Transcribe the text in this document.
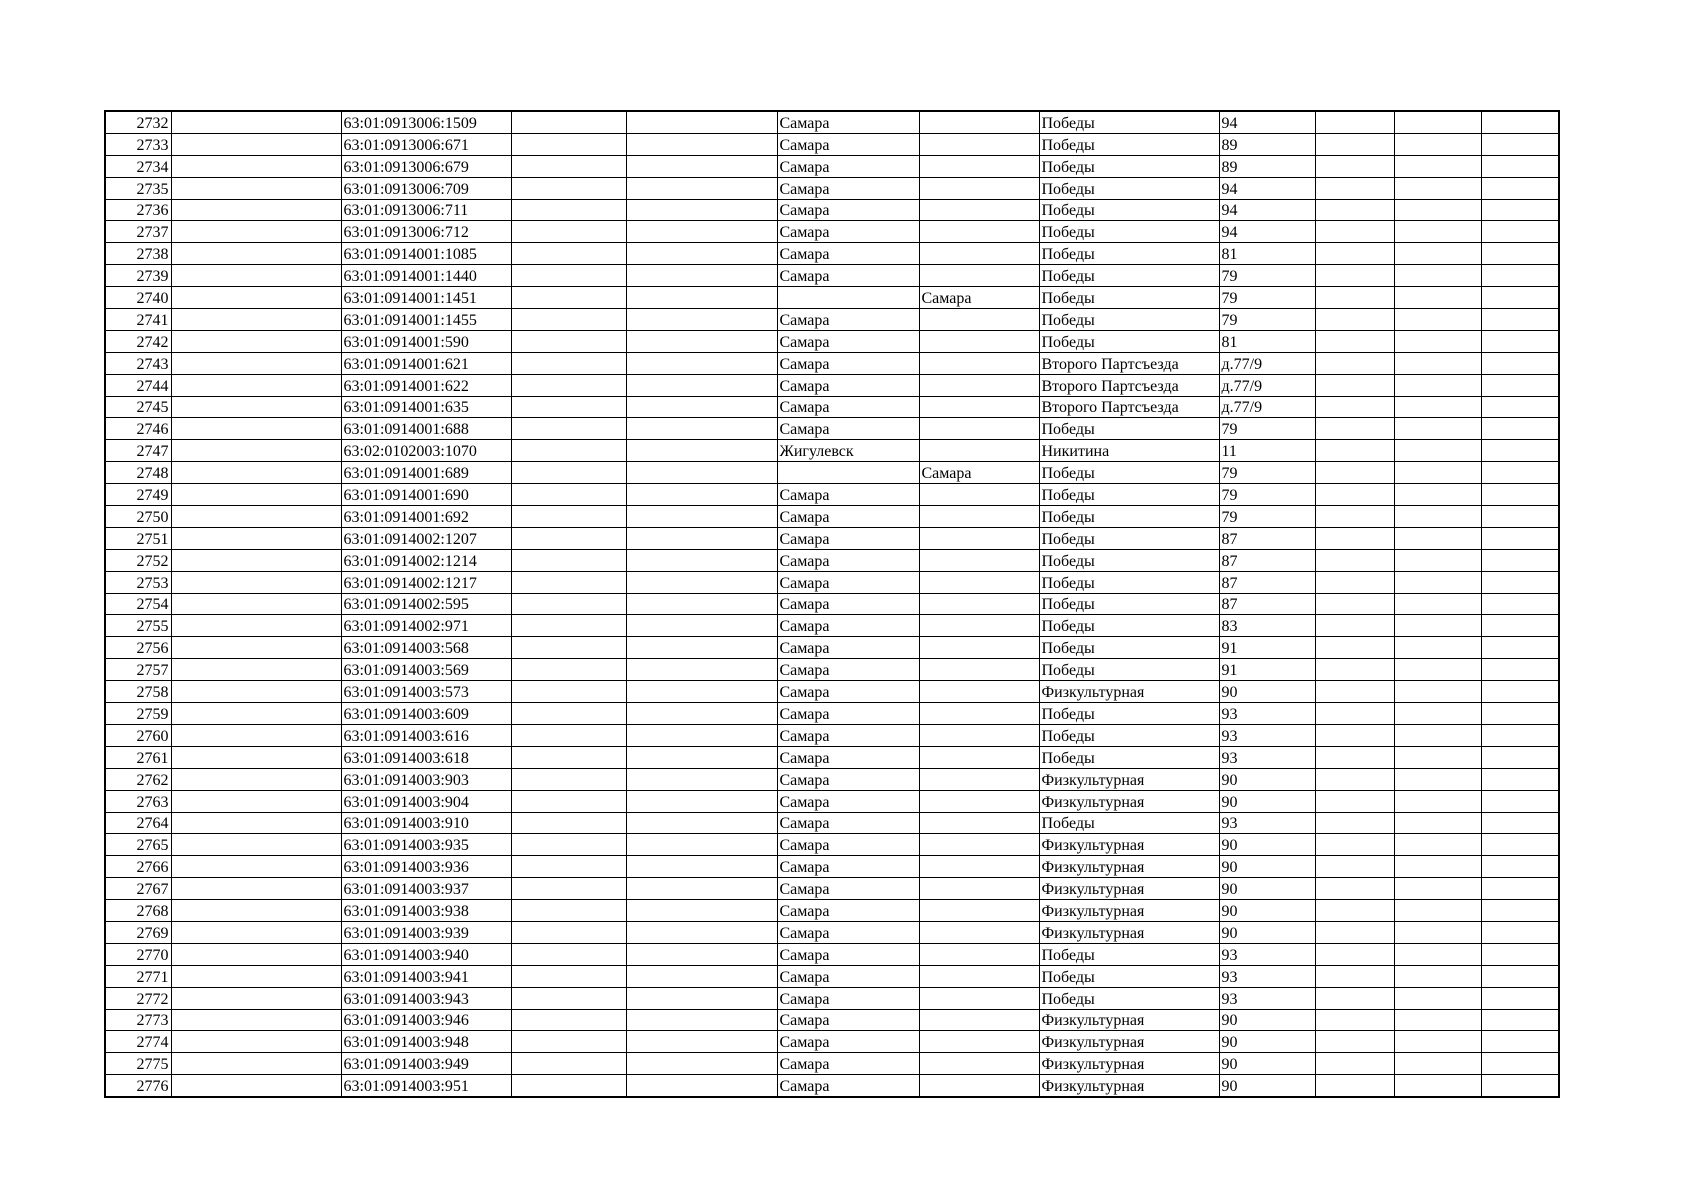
2732		63:01:0913006:1509			Самара		Победы	94			
2733		63:01:0913006:671			Самара		Победы	89			
2734		63:01:0913006:679			Самара		Победы	89			
2735		63:01:0913006:709			Самара		Победы	94			
2736		63:01:0913006:711			Самара		Победы	94			
2737		63:01:0913006:712			Самара		Победы	94			
2738		63:01:0914001:1085			Самара		Победы	81			
2739		63:01:0914001:1440			Самара		Победы	79			
2740		63:01:0914001:1451				Самара	Победы	79			
2741		63:01:0914001:1455			Самара		Победы	79			
2742		63:01:0914001:590			Самара		Победы	81			
2743		63:01:0914001:621			Самара		Второго Партсъезда	д.77/9			
2744		63:01:0914001:622			Самара		Второго Партсъезда	д.77/9			
2745		63:01:0914001:635			Самара		Второго Партсъезда	д.77/9			
2746		63:01:0914001:688			Самара		Победы	79			
2747		63:02:0102003:1070			Жигулевск		Никитина	11			
2748		63:01:0914001:689				Самара	Победы	79			
2749		63:01:0914001:690			Самара		Победы	79			
2750		63:01:0914001:692			Самара		Победы	79			
2751		63:01:0914002:1207			Самара		Победы	87			
2752		63:01:0914002:1214			Самара		Победы	87			
2753		63:01:0914002:1217			Самара		Победы	87			
2754		63:01:0914002:595			Самара		Победы	87			
2755		63:01:0914002:971			Самара		Победы	83			
2756		63:01:0914003:568			Самара		Победы	91			
2757		63:01:0914003:569			Самара		Победы	91			
2758		63:01:0914003:573			Самара		Физкультурная	90			
2759		63:01:0914003:609			Самара		Победы	93			
2760		63:01:0914003:616			Самара		Победы	93			
2761		63:01:0914003:618			Самара		Победы	93			
2762		63:01:0914003:903			Самара		Физкультурная	90			
2763		63:01:0914003:904			Самара		Физкультурная	90			
2764		63:01:0914003:910			Самара		Победы	93			
2765		63:01:0914003:935			Самара		Физкультурная	90			
2766		63:01:0914003:936			Самара		Физкультурная	90			
2767		63:01:0914003:937			Самара		Физкультурная	90			
2768		63:01:0914003:938			Самара		Физкультурная	90			
2769		63:01:0914003:939			Самара		Физкультурная	90			
2770		63:01:0914003:940			Самара		Победы	93			
2771		63:01:0914003:941			Самара		Победы	93			
2772		63:01:0914003:943			Самара		Победы	93			
2773		63:01:0914003:946			Самара		Физкультурная	90			
2774		63:01:0914003:948			Самара		Физкультурная	90			
2775		63:01:0914003:949			Самара		Физкультурная	90			
2776		63:01:0914003:951			Самара		Физкультурная	90			
